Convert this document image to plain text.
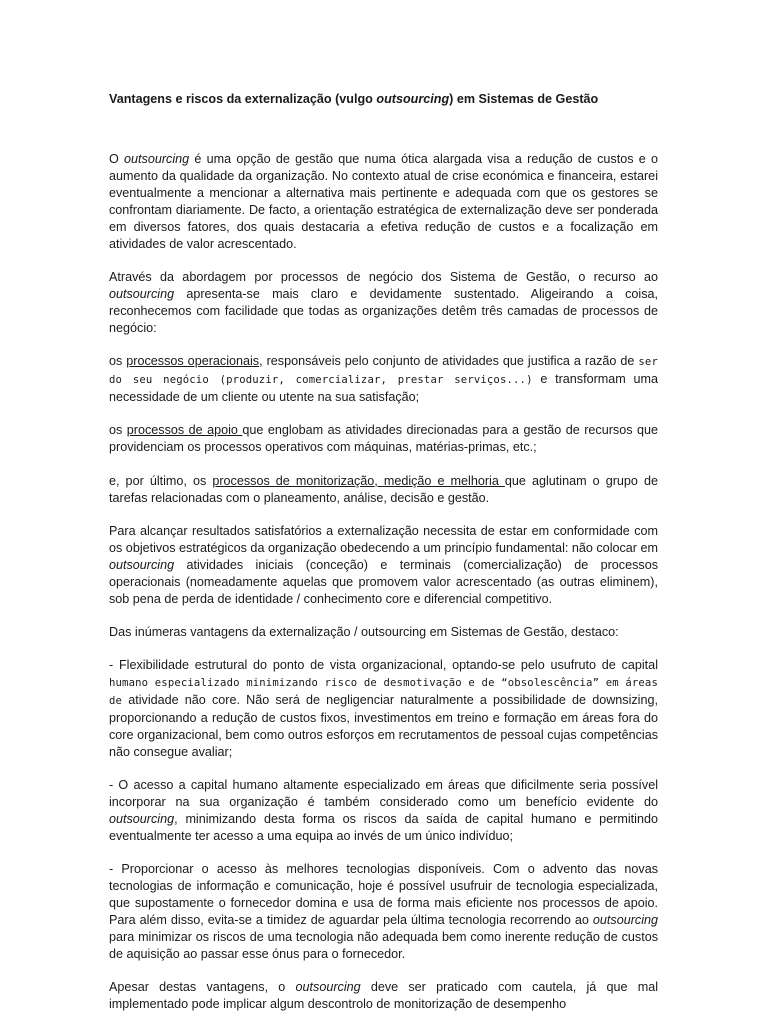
Vantagens e riscos da externalização (vulgo outsourcing) em Sistemas de Gestão

O outsourcing é uma opção de gestão que numa ótica alargada visa a redução de custos e o aumento da qualidade da organização. No contexto atual de crise económica e financeira, estarei eventualmente a mencionar a alternativa mais pertinente e adequada com que os gestores se confrontam diariamente. De facto, a orientação estratégica de externalização deve ser ponderada em diversos fatores, dos quais destacaria a efetiva redução de custos e a focalização em atividades de valor acrescentado.

Através da abordagem por processos de negócio dos Sistema de Gestão, o recurso ao outsourcing apresenta-se mais claro e devidamente sustentado. Aligeirando a coisa, reconhecemos com facilidade que todas as organizações detêm três camadas de processos de negócio:

os processos operacionais, responsáveis pelo conjunto de atividades que justifica a razão de ser do seu negócio (produzir, comercializar, prestar serviços...) e transformam uma necessidade de um cliente ou utente na sua satisfação;

os processos de apoio que englobam as atividades direcionadas para a gestão de recursos que providenciam os processos operativos com máquinas, matérias-primas, etc.;

e, por último, os processos de monitorização, medição e melhoria que aglutinam o grupo de tarefas relacionadas com o planeamento, análise, decisão e gestão.

Para alcançar resultados satisfatórios a externalização necessita de estar em conformidade com os objetivos estratégicos da organização obedecendo a um princípio fundamental: não colocar em outsourcing atividades iniciais (conceção) e terminais (comercialização) de processos operacionais (nomeadamente aquelas que promovem valor acrescentado (as outras eliminem), sob pena de perda de identidade / conhecimento core e diferencial competitivo.

Das inúmeras vantagens da externalização / outsourcing em Sistemas de Gestão, destaco:

- Flexibilidade estrutural do ponto de vista organizacional, optando-se pelo usufruto de capital humano especializado minimizando risco de desmotivação e de “obsolescência” em áreas de atividade não core. Não será de negligenciar naturalmente a possibilidade de downsizing, proporcionando a redução de custos fixos, investimentos em treino e formação em áreas fora do core organizacional, bem como outros esforços em recrutamentos de pessoal cujas competências não consegue avaliar;

- O acesso a capital humano altamente especializado em áreas que dificilmente seria possível incorporar na sua organização é também considerado como um benefício evidente do outsourcing, minimizando desta forma os riscos da saída de capital humano e permitindo eventualmente ter acesso a uma equipa ao invés de um único indivíduo;

- Proporcionar o acesso às melhores tecnologias disponíveis. Com o advento das novas tecnologias de informação e comunicação, hoje é possível usufruir de tecnologia especializada, que supostamente o fornecedor domina e usa de forma mais eficiente nos processos de apoio. Para além disso, evita-se a timidez de aguardar pela última tecnologia recorrendo ao outsourcing para minimizar os riscos de uma tecnologia não adequada bem como inerente redução de custos de aquisição ao passar esse ónus para o fornecedor.

Apesar destas vantagens, o outsourcing deve ser praticado com cautela, já que mal implementado pode implicar algum descontrolo de monitorização de desempenho
